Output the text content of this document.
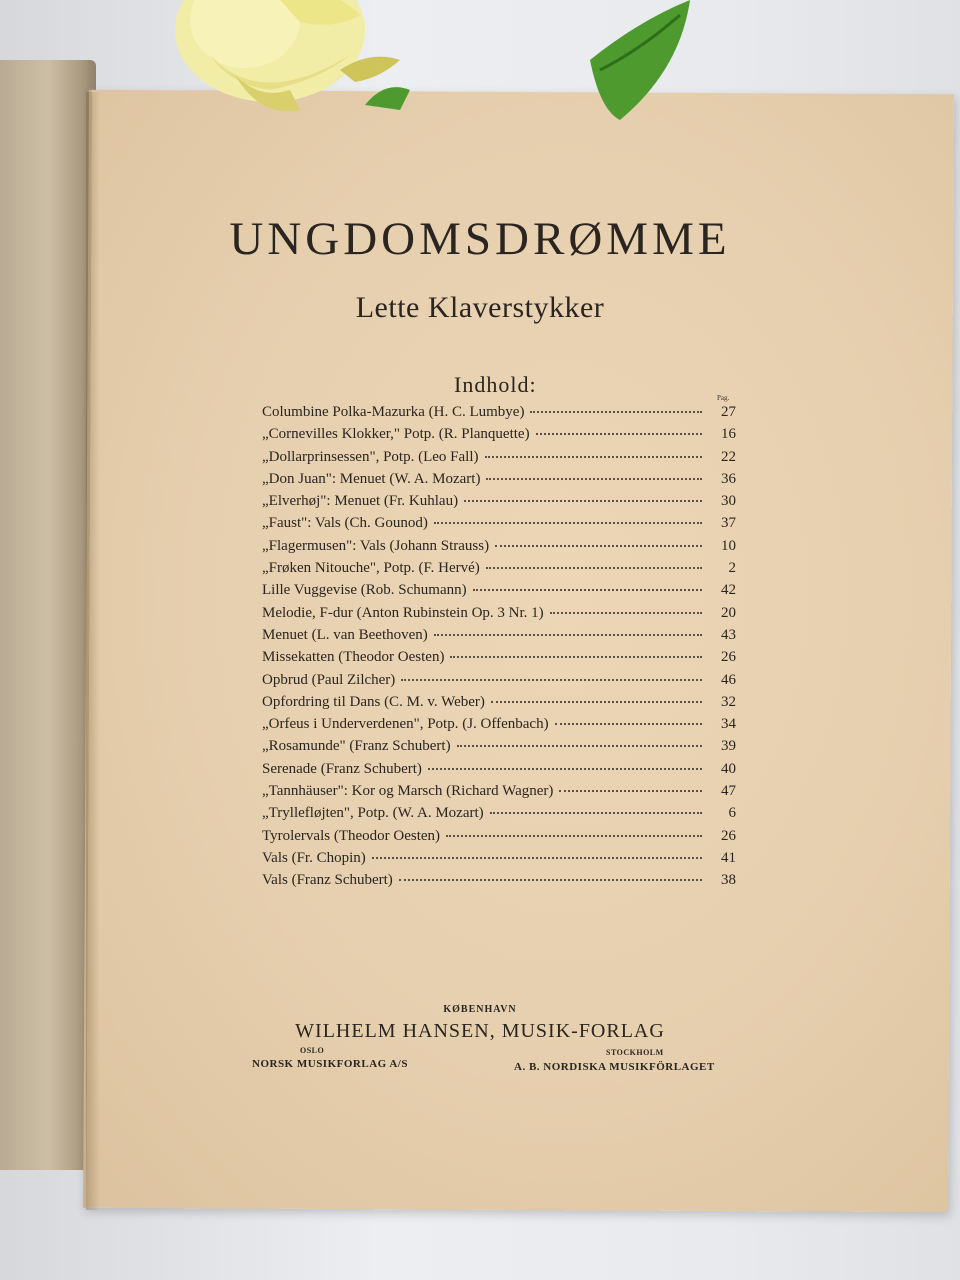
UNGDOMSDRØMME
Lette Klaverstykker
Indhold:
Pag.
Columbine Polka-Mazurka (H. C. Lumbye)	27
„Cornevilles Klokker," Potp. (R. Planquette)	16
„Dollarprinsessen", Potp. (Leo Fall)	22
„Don Juan": Menuet (W. A. Mozart)	36
„Elverhøj": Menuet (Fr. Kuhlau)	30
„Faust": Vals (Ch. Gounod)	37
„Flagermusen": Vals (Johann Strauss)	10
„Frøken Nitouche", Potp. (F. Hervé)	2
Lille Vuggevise (Rob. Schumann)	42
Melodie, F-dur (Anton Rubinstein Op. 3 Nr. 1)	20
Menuet (L. van Beethoven)	43
Missekatten (Theodor Oesten)	26
Opbrud (Paul Zilcher)	46
Opfordring til Dans (C. M. v. Weber)	32
„Orfeus i Underverdenen", Potp. (J. Offenbach)	34
„Rosamunde" (Franz Schubert)	39
Serenade (Franz Schubert)	40
„Tannhäuser": Kor og Marsch (Richard Wagner)	47
„Tryllefløjten", Potp. (W. A. Mozart)	6
Tyrolervals (Theodor Oesten)	26
Vals (Fr. Chopin)	41
Vals (Franz Schubert)	38
KØBENHAVN
WILHELM HANSEN, MUSIK-FORLAG
OSLO
NORSK MUSIKFORLAG A/S
STOCKHOLM
A. B. NORDISKA MUSIKFÖRLAGET
